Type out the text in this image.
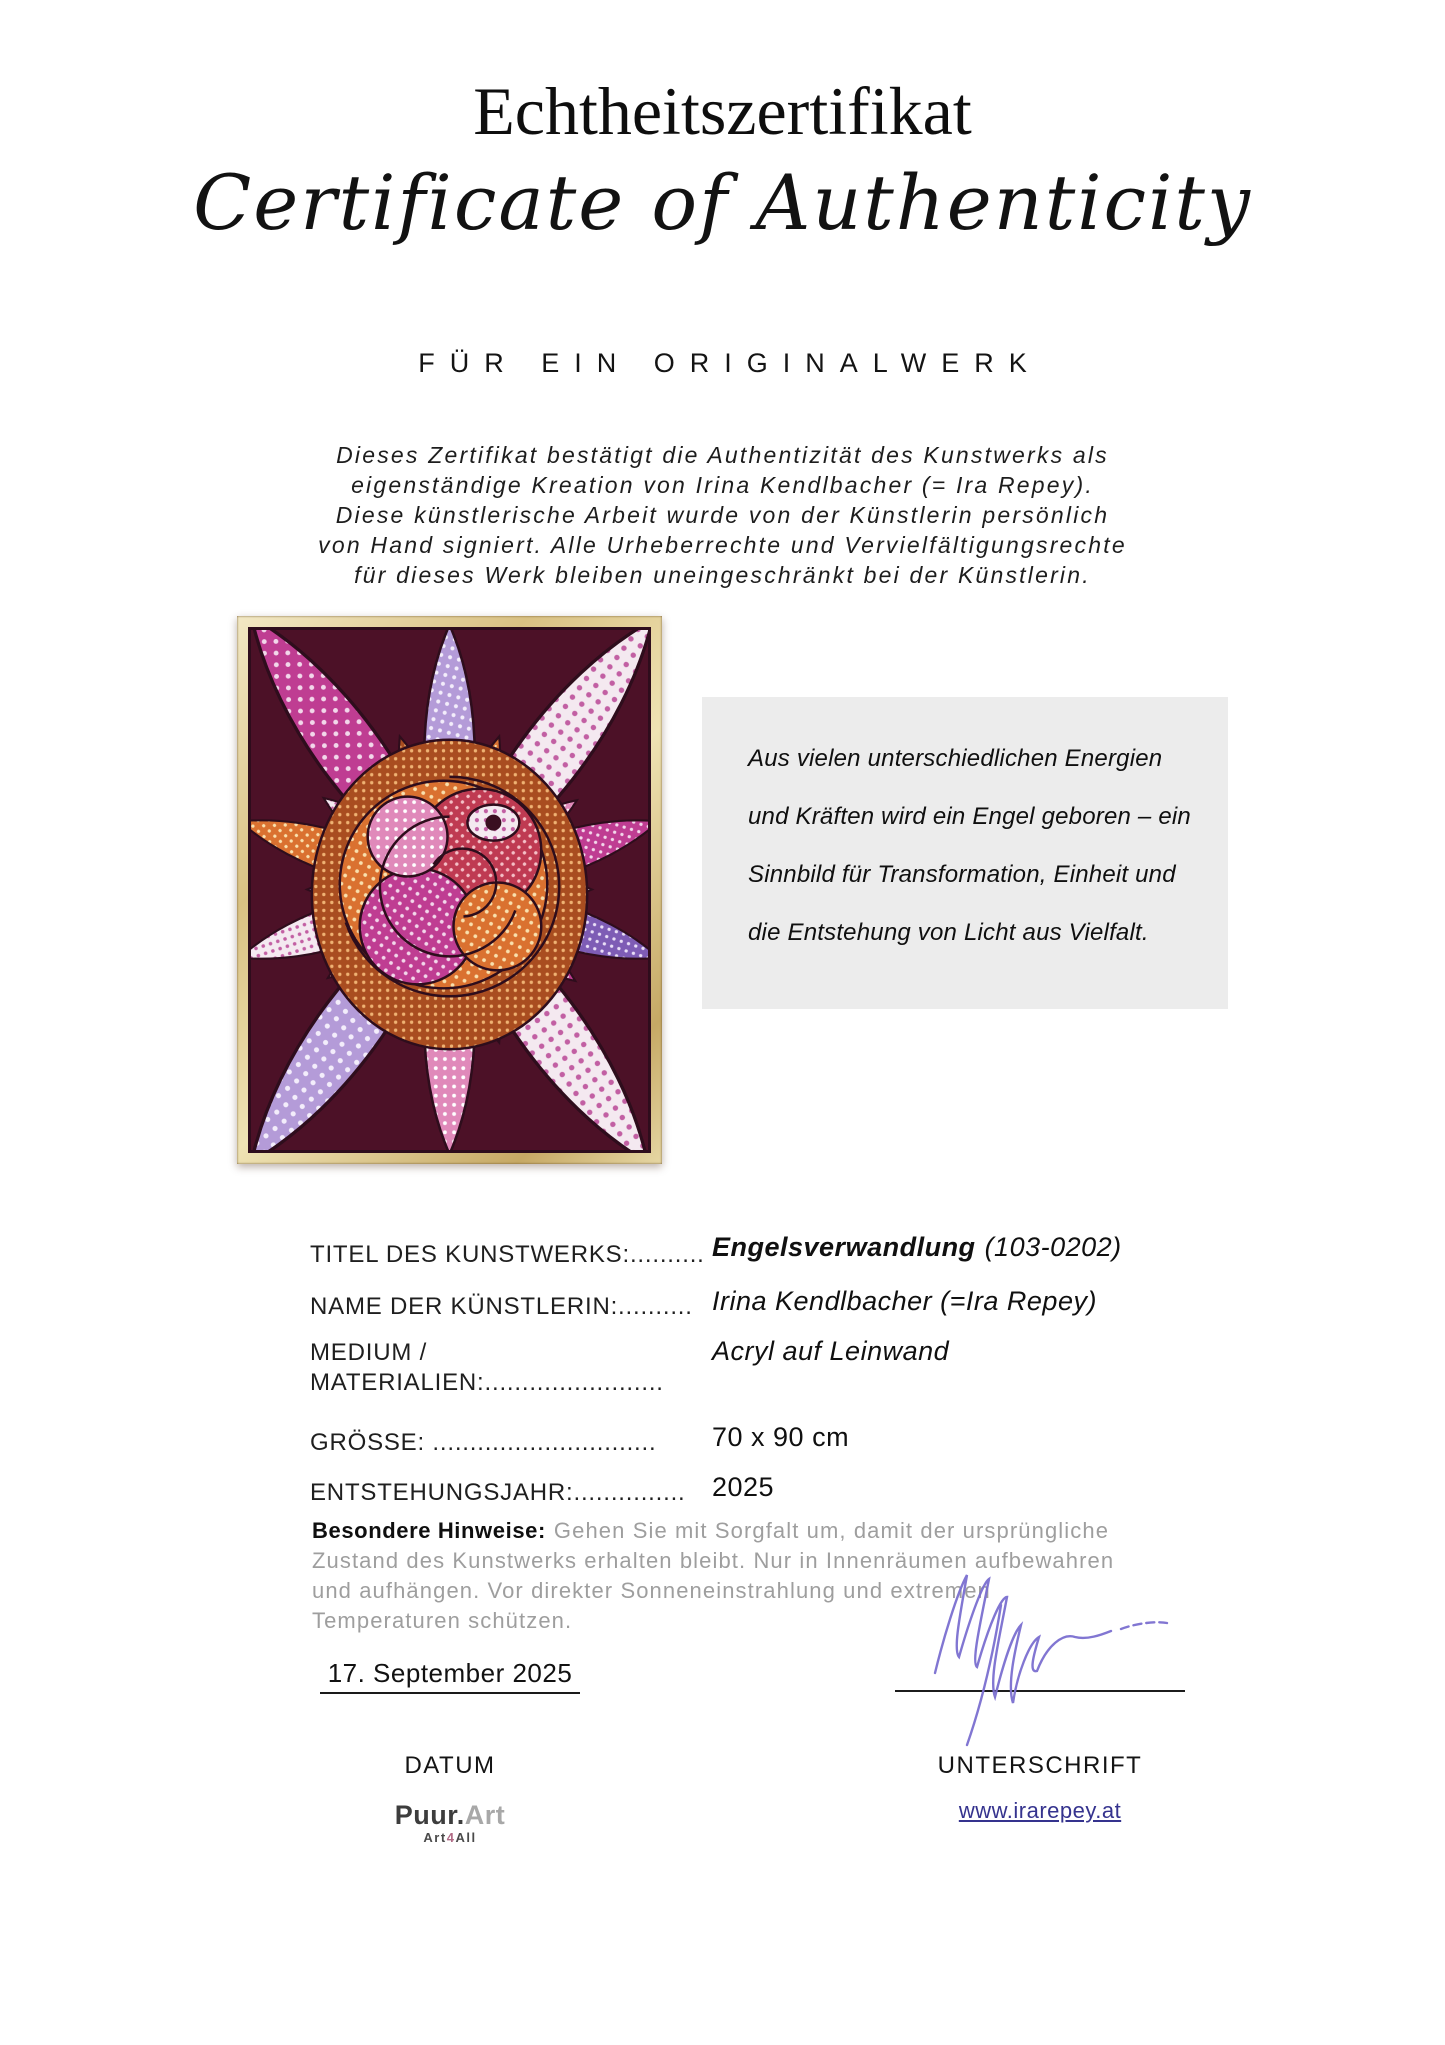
Echtheitszertifikat
Certificate of Authenticity
FÜR EIN ORIGINALWERK
Dieses Zertifikat bestätigt die Authentizität des Kunstwerks als
eigenständige Kreation von Irina Kendlbacher (= Ira Repey).
Diese künstlerische Arbeit wurde von der Künstlerin persönlich
von Hand signiert. Alle Urheberrechte und Vervielfältigungsrechte
für dieses Werk bleiben uneingeschränkt bei der Künstlerin.
Aus vielen unterschiedlichen Energien
und Kräften wird ein Engel geboren – ein
Sinnbild für Transformation, Einheit und
die Entstehung von Licht aus Vielfalt.
TITEL DES KUNSTWERKS:.......... Engelsverwandlung (103-0202)
NAME DER KÜNSTLERIN:.......... Irina Kendlbacher (=Ira Repey)
MEDIUM /
MATERIALIEN:........................
Acryl auf Leinwand
GRÖSSE: .............................. 70 x 90 cm
ENTSTEHUNGSJAHR:............... 2025
Besondere Hinweise: Gehen Sie mit Sorgfalt um, damit der ursprüngliche
Zustand des Kunstwerks erhalten bleibt. Nur in Innenräumen aufbewahren
und aufhängen. Vor direkter Sonneneinstrahlung und extremen
Temperaturen schützen.
17. September 2025
DATUM	UNTERSCHRIFT
Puur.Art
Art4All
www.irarepey.at
